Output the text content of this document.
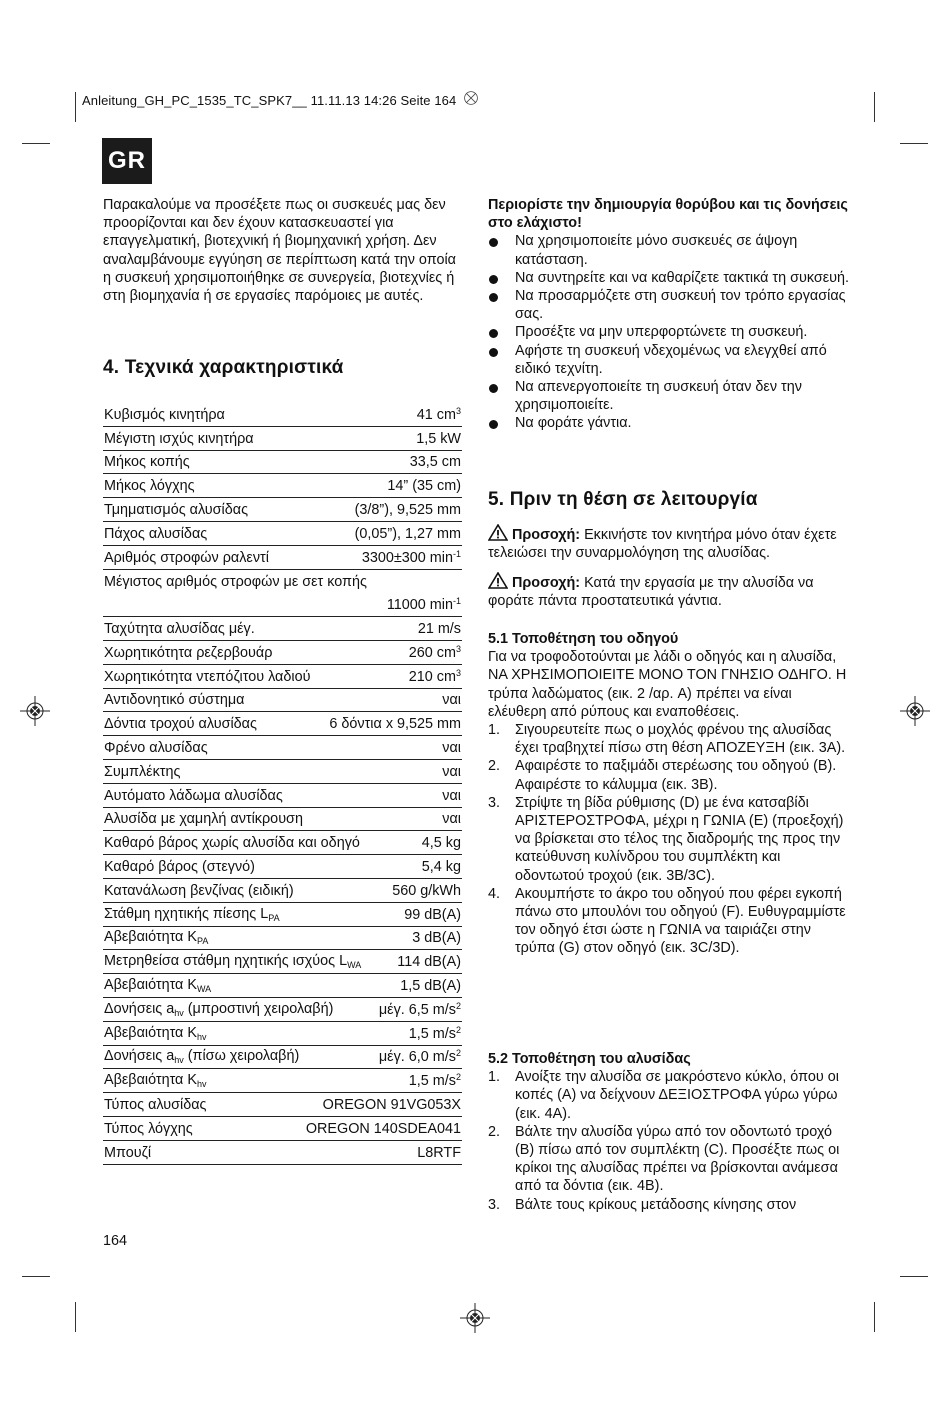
Anleitung_GH_PC_1535_TC_SPK7__ 11.11.13 14:26 Seite 164
GR

Παρακαλούμε να προσέξετε πως οι συσκευές μας δεν προορίζονται και δεν έχουν κατασκευαστεί για επαγγελματική, βιοτεχνική ή βιομηχανική χρήση. Δεν αναλαμβάνουμε εγγύηση σε περίπτωση κατά την οποία η συσκευή χρησιμοποιήθηκε σε συνεργεία, βιοτεχνίες ή στη βιομηχανία ή σε εργασίες παρόμοιες με αυτές.

4. Τεχνικά χαρακτηριστικά
Κυβισμός κινητήρα	41 $cm^3$
Μέγιστη ισχύς κινητήρα	1,5 kW
Μήκος κοπής	33,5 cm
Μήκος λόγχης	14” (35 cm)
Τμηματισμός αλυσίδας	(3/8”), 9,525 mm
Πάχος αλυσίδας	(0,05”), 1,27 mm
Αριθμός στροφών ραλεντί	3300±300 $\min^{-1}$
Μέγιστος αριθμός στροφών με σετ κοπής
11000 $\min^{-1}$
Ταχύτητα αλυσίδας μέγ.	21 m/s
Χωρητικότητα ρεζερβουάρ	260 $cm^3$
Χωρητικότητα ντεπόζιτου λαδιού	210 $cm^3$
Αντιδονητικό σύστημα	ναι
Δόντια τροχού αλυσίδας	6 δόντια x 9,525 mm
Φρένο αλυσίδας	ναι
Συμπλέκτης	ναι
Αυτόματο λάδωμα αλυσίδας	ναι
Αλυσίδα με χαμηλή αντίκρουση	ναι
Καθαρό βάρος χωρίς αλυσίδα και οδηγό	4,5 kg
Καθαρό βάρος (στεγνό)	5,4 kg
Κατανάλωση βενζίνας (ειδική)	560 g/kWh
Στάθμη ηχητικής πίεσης $L_{PA}$	99 dB(A)
Αβεβαιότητα $K_{PA}$	3 dB(A)
Μετρηθείσα στάθμη ηχητικής ισχύος $L_{WA}$	114 dB(A)
Αβεβαιότητα $K_{WA}$	1,5 dB(A)
Δονήσεις $a_{hv}$ (μπροστινή χειρολαβή)	μέγ. 6,5 $m/s^2$
Αβεβαιότητα $K_{hv}$	1,5 $m/s^2$
Δονήσεις $a_{hv}$ (πίσω χειρολαβή)	μέγ. 6,0 $m/s^2$
Αβεβαιότητα $K_{hv}$	1,5 $m/s^2$
Τύπος αλυσίδας	OREGON 91VG053X
Τύπος λόγχης	OREGON 140SDEA041
Μπουζί	L8RTF
164
Περιορίστε την δημιουργία θορύβου και τις δονήσεις στο ελάχιστο!
Να χρησιμοποιείτε μόνο συσκευές σε άψογη κατάσταση.
Να συντηρείτε και να καθαρίζετε τακτικά τη συκσευή.
Να προσαρμόζετε στη συσκευή τον τρόπο εργασίας σας.
Προσέξτε να μην υπερφορτώνετε τη συσκευή.
Αφήστε τη συσκευή νδεχομένως να ελεγχθεί από ειδικό τεχνίτη.
Να απενεργοποιείτε τη συσκευή όταν δεν την χρησιμοποιείτε.
Να φοράτε γάντια.
5. Πριν τη θέση σε λειτουργία
Προσοχή: Εκκινήστε τον κινητήρα μόνο όταν έχετε τελειώσει την συναρμολόγηση της αλυσίδας.
Προσοχή: Κατά την εργασία με την αλυσίδα να φοράτε πάντα προστατευτικά γάντια.
5.1 Τοποθέτηση του οδηγού
Για να τροφοδοτούνται με λάδι ο οδηγός και η αλυσίδα, ΝΑ ΧΡΗΣΙΜΟΠΟΙΕΙΤΕ ΜΟΝΟ ΤΟΝ ΓΝΗΣΙΟ ΟΔΗΓΟ. Η τρύπα λαδώματος (εικ. 2 /αρ. A) πρέπει να είναι ελέυθερη από ρύπους και εναποθέσεις.
1. Σιγουρευτείτε πως ο μοχλός φρένου της αλυσίδας έχει τραβηχτεί πίσω στη θέση ΑΠΟΖΕΥΞΗ (εικ. 3A).
2. Αφαιρέστε το παξιμάδι στερέωσης του οδηγού (B). Αφαιρέστε το κάλυμμα (εικ. 3B).
3. Στρίψτε τη βίδα ρύθμισης (D) με ένα κατσαβίδι ΑΡΙΣΤΕΡΟΣΤΡΟΦΑ, μέχρι η ΓΩΝΙΑ (E) (προεξοχή) να βρίσκεται στο τέλος της διαδρομής της προς την κατεύθυνση κυλίνδρου του συμπλέκτη και οδοντωτού τροχού (εικ. 3B/3C).
4. Ακουμπήστε το άκρο του οδηγού που φέρει εγκοπή πάνω στο μπουλόνι του οδηγού (F). Ευθυγραμμίστε τον οδηγό έτσι ώστε η ΓΩΝΙΑ να ταιριάζει στην τρύπα (G) στον οδηγό (εικ. 3C/3D).
5.2 Τοποθέτηση του αλυσίδας
1. Ανοίξτε την αλυσίδα σε μακρόστενο κύκλο, όπου οι κοπές (A) να δείχνουν ΔΕΞΙΟΣΤΡΟΦΑ γύρω γύρω (εικ. 4A).
2. Βάλτε την αλυσίδα γύρω από τον οδοντωτό τροχό (B) πίσω από τον συμπλέκτη (C). Προσέξτε πως οι κρίκοι της αλυσίδας πρέπει να βρίσκονται ανάμεσα από τα δόντια (εικ. 4B).
3. Βάλτε τους κρίκους μετάδοσης κίνησης στον
